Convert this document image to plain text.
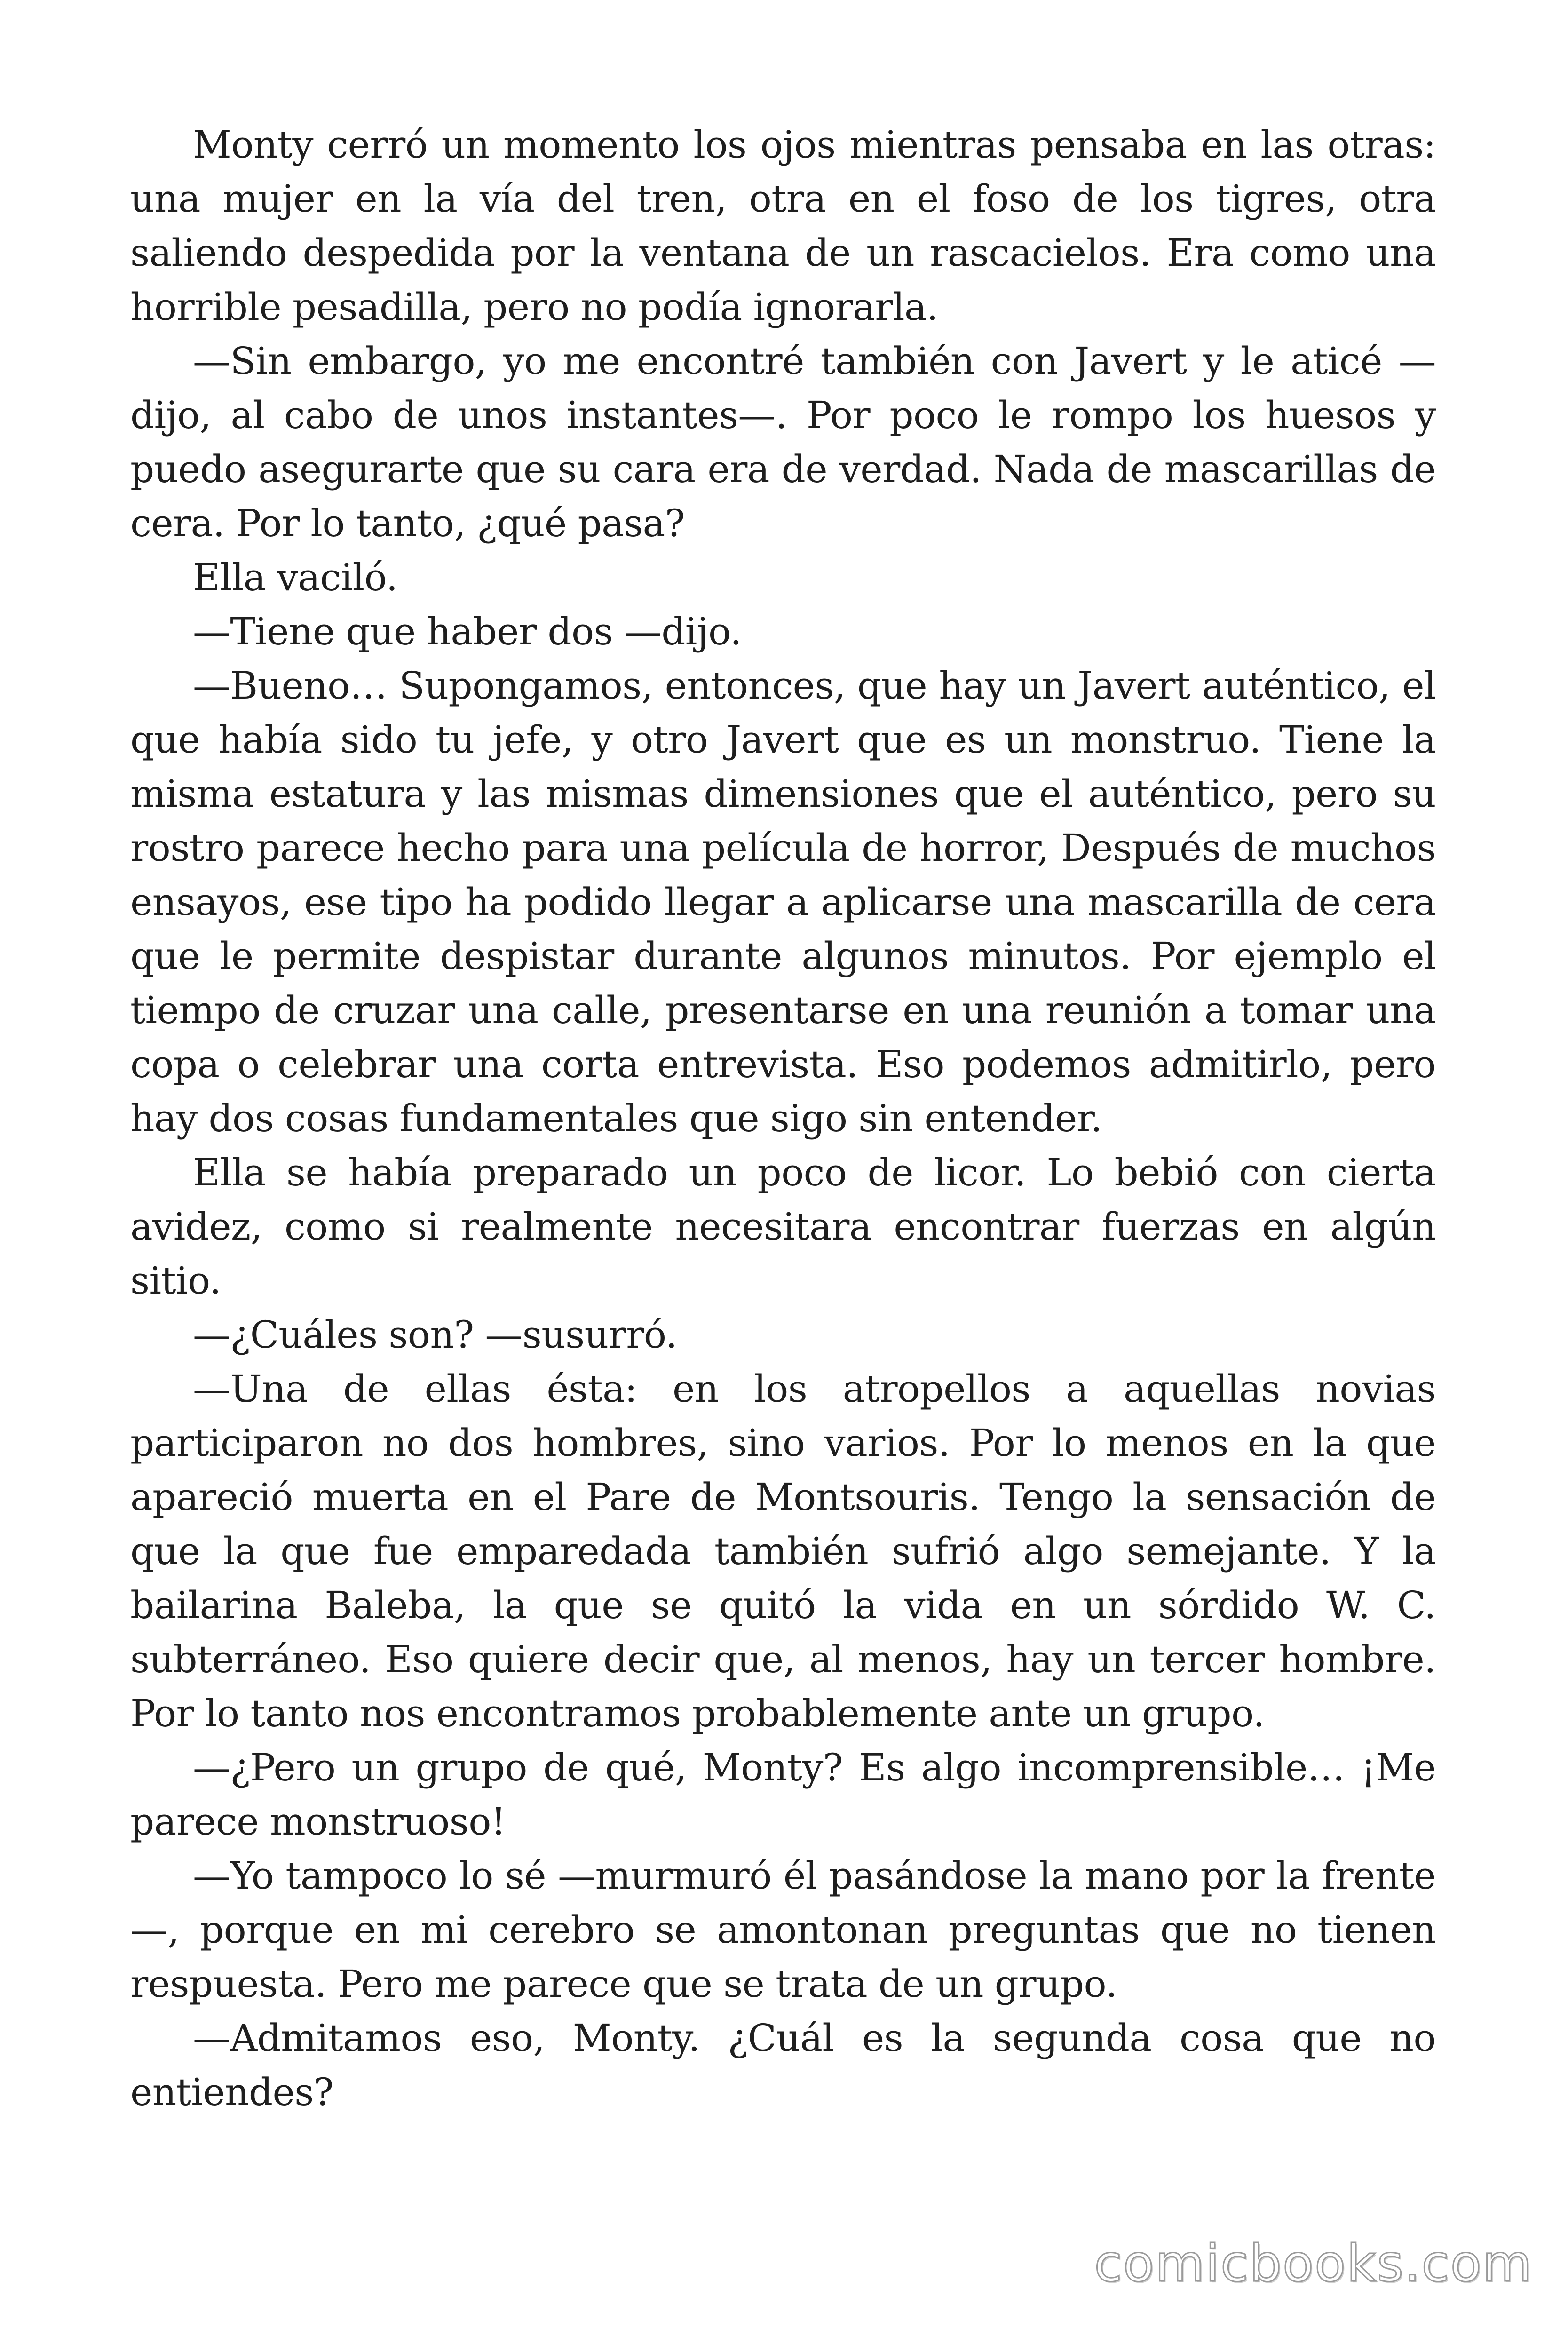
Monty cerró un momento los ojos mientras pensaba en las otras: una mujer en la vía del tren, otra en el foso de los tigres, otra saliendo despedida por la ventana de un rascacielos. Era como una horrible pesadilla, pero no podía ignorarla.

—Sin embargo, yo me encontré también con Javert y le aticé —dijo, al cabo de unos instantes—. Por poco le rompo los huesos y puedo asegurarte que su cara era de verdad. Nada de mascarillas de cera. Por lo tanto, ¿qué pasa?

Ella vaciló.

—Tiene que haber dos —dijo.

—Bueno… Supongamos, entonces, que hay un Javert auténtico, el que había sido tu jefe, y otro Javert que es un monstruo. Tiene la misma estatura y las mismas dimensiones que el auténtico, pero su rostro parece hecho para una película de horror, Después de muchos ensayos, ese tipo ha podido llegar a aplicarse una mascarilla de cera que le permite despistar durante algunos minutos. Por ejemplo el tiempo de cruzar una calle, presentarse en una reunión a tomar una copa o celebrar una corta entrevista. Eso podemos admitirlo, pero hay dos cosas fundamentales que sigo sin entender.

Ella se había preparado un poco de licor. Lo bebió con cierta avidez, como si realmente necesitara encontrar fuerzas en algún sitio.

—¿Cuáles son? —susurró.

—Una de ellas ésta: en los atropellos a aquellas novias participaron no dos hombres, sino varios. Por lo menos en la que apareció muerta en el Pare de Montsouris. Tengo la sensación de que la que fue emparedada también sufrió algo semejante. Y la bailarina Baleba, la que se quitó la vida en un sórdido W. C. subterráneo. Eso quiere decir que, al menos, hay un tercer hombre. Por lo tanto nos encontramos probablemente ante un grupo.

—¿Pero un grupo de qué, Monty? Es algo incomprensible… ¡Me parece monstruoso!

—Yo tampoco lo sé —murmuró él pasándose la mano por la frente—, porque en mi cerebro se amontonan preguntas que no tienen respuesta. Pero me parece que se trata de un grupo.

—Admitamos eso, Monty. ¿Cuál es la segunda cosa que no entiendes?

comicbooks.com
